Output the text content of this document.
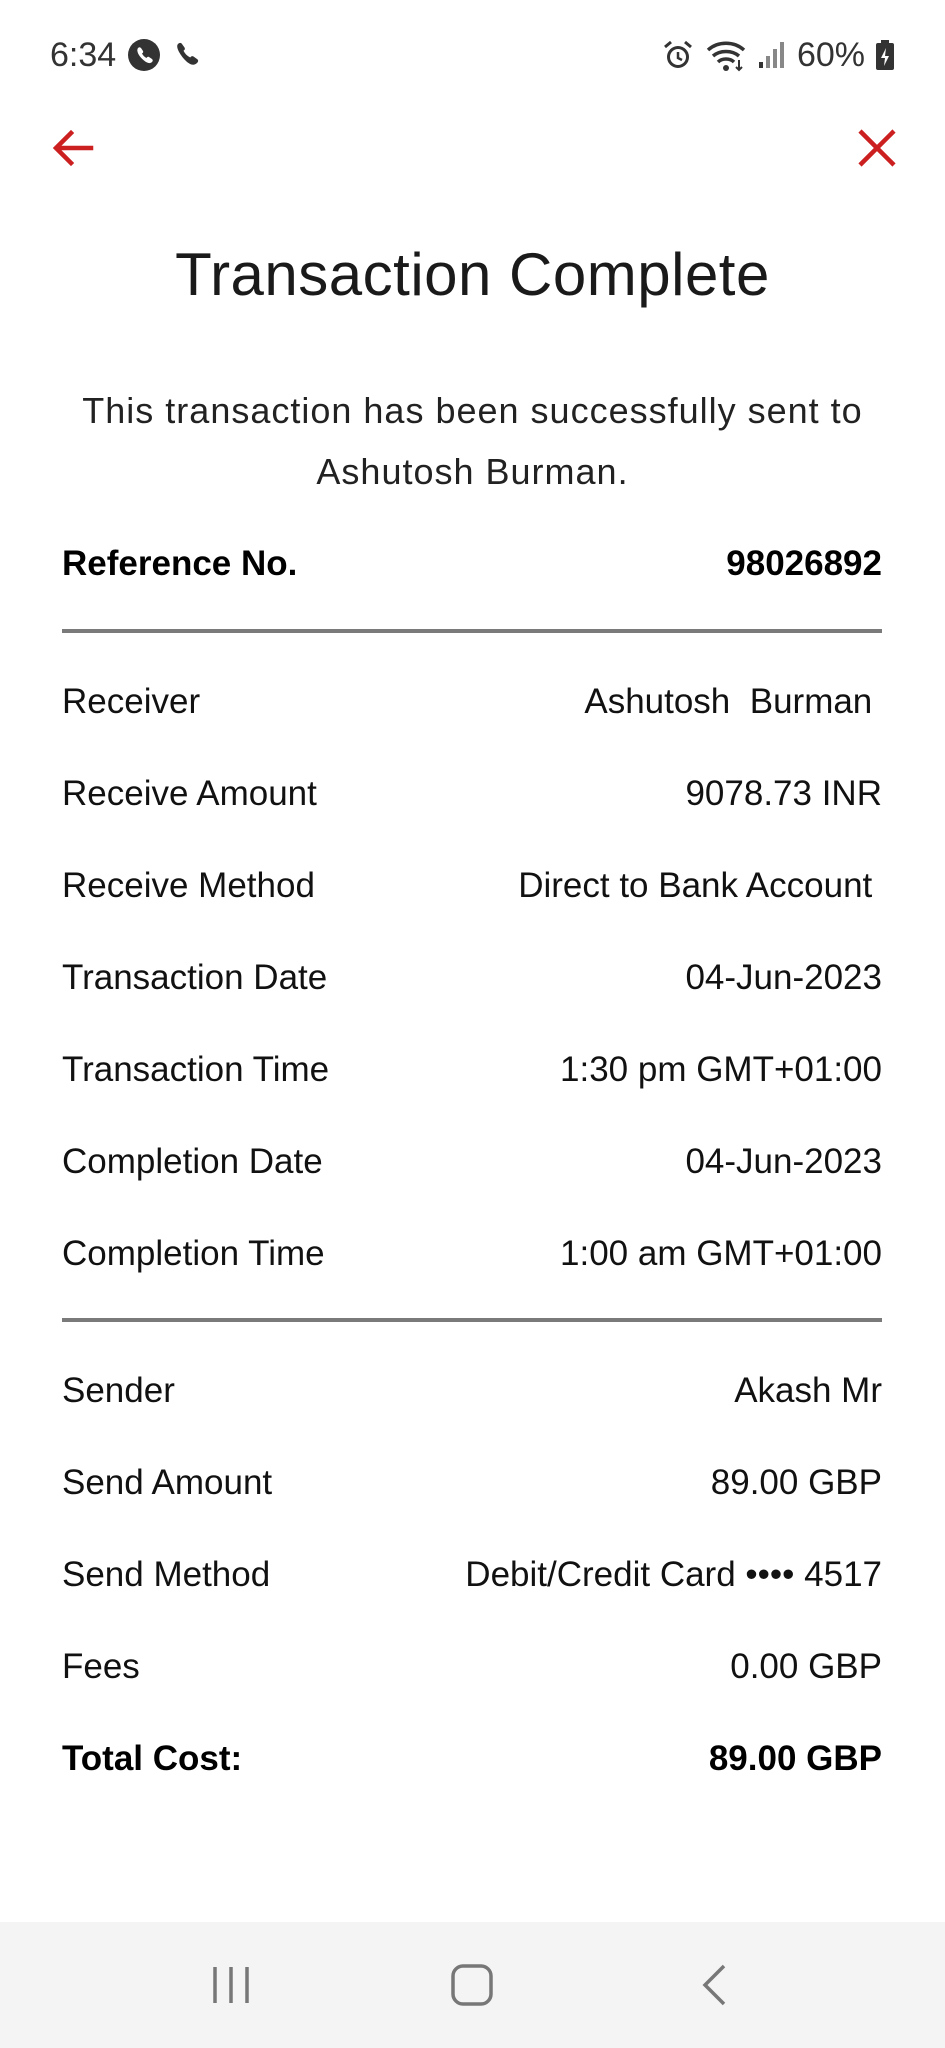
6:34	60%
Transaction Complete
This transaction has been successfully sent to Ashutosh Burman.
Reference No.	98026892
Receiver	Ashutosh  Burman
Receive Amount	9078.73 INR
Receive Method	Direct to Bank Account
Transaction Date	04-Jun-2023
Transaction Time	1:30 pm GMT+01:00
Completion Date	04-Jun-2023
Completion Time	1:00 am GMT+01:00
Sender	Akash Mr
Send Amount	89.00 GBP
Send Method	Debit/Credit Card •••• 4517
Fees	0.00 GBP
Total Cost:	89.00 GBP
